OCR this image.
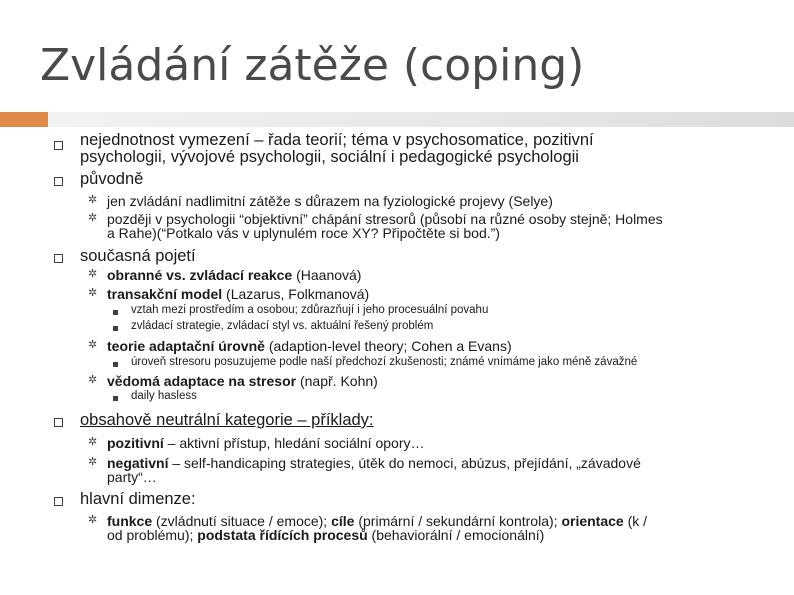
Zvládání zátěže (coping)
nejednotnost vymezení – řada teorií; téma v psychosomatice, pozitivní
psychologii, vývojové psychologii, sociální i pedagogické psychologii
původně
✲ jen zvládání nadlimitní zátěže s důrazem na fyziologické projevy (Selye)
✲ později v psychologii “objektivní” chápání stresorů (působí na různé osoby stejně; Holmes
a Rahe)(“Potkalo vás v uplynulém roce XY? Připočtěte si bod.”)
současná pojetí
✲ obranné vs. zvládací reakce (Haanová)
✲ transakční model (Lazarus, Folkmanová)
vztah mezi prostředím a osobou; zdůrazňují i jeho procesuální povahu
zvládací strategie, zvládací styl vs. aktuální řešený problém
✲ teorie adaptační úrovně (adaption-level theory; Cohen a Evans)
úroveň stresoru posuzujeme podle naší předchozí zkušenosti; známé vnímáme jako méně závažné
✲ vědomá adaptace na stresor (např. Kohn)
daily hasless
obsahově neutrální kategorie – příklady:
✲ pozitivní – aktivní přístup, hledání sociální opory…
✲ negativní – self-handicaping strategies, útěk do nemoci, abúzus, přejídání, „závadové
party“…
hlavní dimenze:
✲ funkce (zvládnutí situace / emoce); cíle (primární / sekundární kontrola); orientace (k /
od problému); podstata řídících procesů (behaviorální / emocionální)
